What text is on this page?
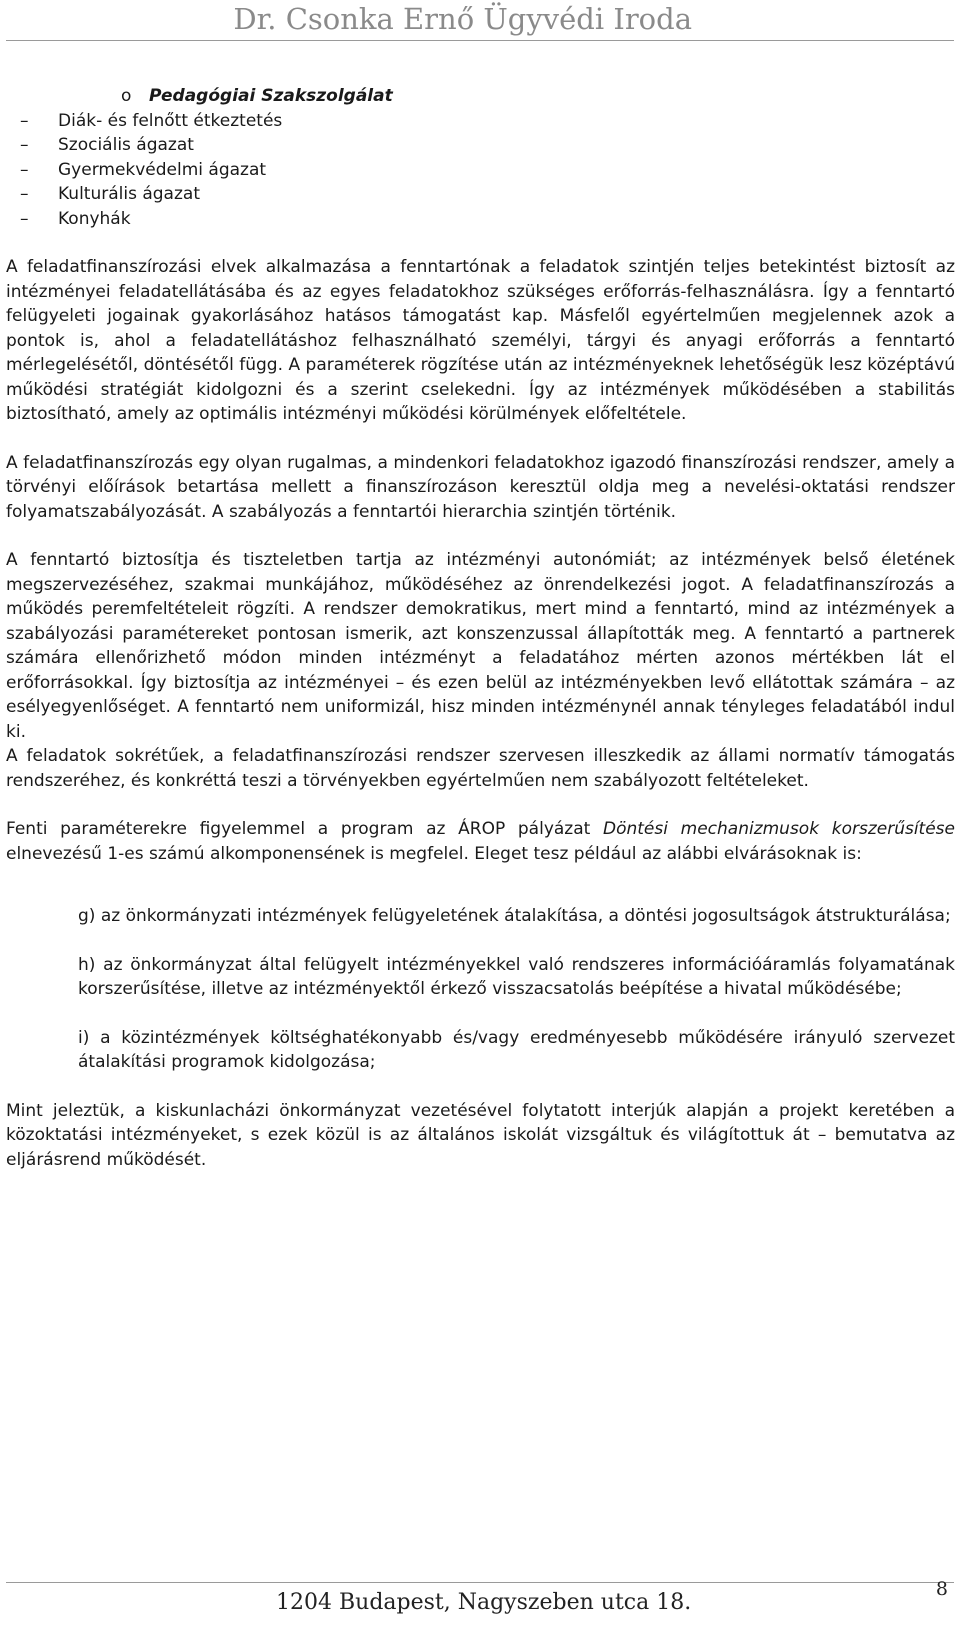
Dr. Csonka Ernő Ügyvédi Iroda
o	Pedagógiai Szakszolgálat
–	Diák- és felnőtt étkeztetés
–	Szociális ágazat
–	Gyermekvédelmi ágazat
–	Kulturális ágazat
–	Konyhák

A feladatfinanszírozási elvek alkalmazása a fenntartónak a feladatok szintjén teljes betekintést biztosít az intézményei feladatellátásába és az egyes feladatokhoz szükséges erőforrás-felhasználásra. Így a fenntartó felügyeleti jogainak gyakorlásához hatásos támogatást kap. Másfelől egyértelműen megjelennek azok a pontok is, ahol a feladatellátáshoz felhasználható személyi, tárgyi és anyagi erőforrás a fenntartó mérlegelésétől, döntésétől függ. A paraméterek rögzítése után az intézményeknek lehetőségük lesz középtávú működési stratégiát kidolgozni és a szerint cselekedni. Így az intézmények működésében a stabilitás biztosítható, amely az optimális intézményi működési körülmények előfeltétele.

A feladatfinanszírozás egy olyan rugalmas, a mindenkori feladatokhoz igazodó finanszírozási rendszer, amely a törvényi előírások betartása mellett a finanszírozáson keresztül oldja meg a nevelési-oktatási rendszer folyamatszabályozását. A szabályozás a fenntartói hierarchia szintjén történik.

A fenntartó biztosítja és tiszteletben tartja az intézményi autonómiát; az intézmények belső életének megszervezéséhez, szakmai munkájához, működéséhez az önrendelkezési jogot. A feladatfinanszírozás a működés peremfeltételeit rögzíti. A rendszer demokratikus, mert mind a fenntartó, mind az intézmények a szabályozási paramétereket pontosan ismerik, azt konszenzussal állapították meg. A fenntartó a partnerek számára ellenőrizhető módon minden intézményt a feladatához mérten azonos mértékben lát el erőforrásokkal. Így biztosítja az intézményei – és ezen belül az intézményekben levő ellátottak számára – az esélyegyenlőséget. A fenntartó nem uniformizál, hisz minden intézménynél annak tényleges feladatából indul ki.

A feladatok sokrétűek, a feladatfinanszírozási rendszer szervesen illeszkedik az állami normatív támogatás rendszeréhez, és konkréttá teszi a törvényekben egyértelműen nem szabályozott feltételeket.

Fenti paraméterekre figyelemmel a program az ÁROP pályázat Döntési mechanizmusok korszerűsítése elnevezésű 1-es számú alkomponensének is megfelel. Eleget tesz például az alábbi elvárásoknak is:

g) az önkormányzati intézmények felügyeletének átalakítása, a döntési jogosultságok átstrukturálása;

h) az önkormányzat által felügyelt intézményekkel való rendszeres információáramlás folyamatának korszerűsítése, illetve az intézményektől érkező visszacsatolás beépítése a hivatal működésébe;

i) a közintézmények költséghatékonyabb és/vagy eredményesebb működésére irányuló szervezet átalakítási programok kidolgozása;

Mint jeleztük, a kiskunlacházi önkormányzat vezetésével folytatott interjúk alapján a projekt keretében a közoktatási intézményeket, s ezek közül is az általános iskolát vizsgáltuk és világítottuk át – bemutatva az eljárásrend működését.

1204 Budapest, Nagyszeben utca 18.
8
